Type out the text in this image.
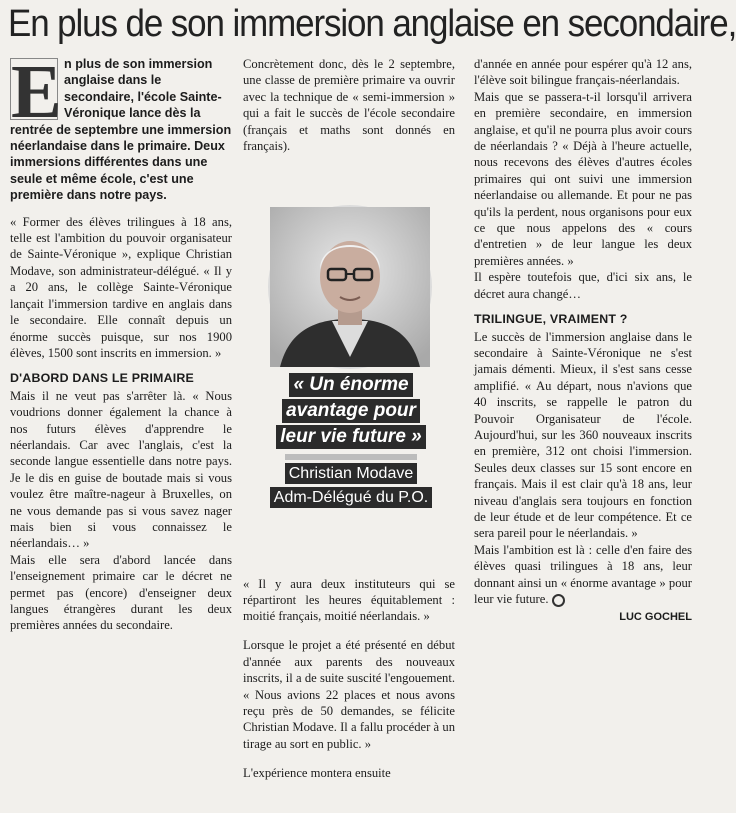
En plus de son immersion anglaise en secondaire,
E n plus de son immersion anglaise dans le secondaire, l'école Sainte-Véronique lance dès la rentrée de septembre une immersion néerlandaise dans le primaire. Deux immersions différentes dans une seule et même école, c'est une première dans notre pays.

« Former des élèves trilingues à 18 ans, telle est l'ambition du pouvoir organisateur de Sainte-Véronique », explique Christian Modave, son administrateur-délégué. « Il y a 20 ans, le collège Sainte-Véronique lançait l'immersion tardive en anglais dans le secondaire. Elle connaît depuis un énorme succès puisque, sur nos 1900 élèves, 1500 sont inscrits en immersion. »

D'ABORD DANS LE PRIMAIRE

Mais il ne veut pas s'arrêter là. « Nous voudrions donner également la chance à nos futurs élèves d'apprendre le néerlandais. Car avec l'anglais, c'est la seconde langue essentielle dans notre pays. Je le dis en guise de boutade mais si vous voulez être maître-nageur à Bruxelles, on ne vous demande pas si vous savez nager mais bien si vous connaissez le néerlandais… »

Mais elle sera d'abord lancée dans l'enseignement primaire car le décret ne permet pas (encore) d'enseigner deux langues étrangères durant les deux premières années du secondaire.

Concrètement donc, dès le 2 septembre, une classe de première primaire va ouvrir avec la technique de « semi-immersion » qui a fait le succès de l'école secondaire (français et maths sont donnés en français).

« Un énorme
avantage pour
leur vie future »
Christian Modave
Adm-Délégué du P.O.

« Il y aura deux instituteurs qui se répartiront les heures équitablement : moitié français, moitié néerlandais. »

Lorsque le projet a été présenté en début d'année aux parents des nouveaux inscrits, il a de suite suscité l'engouement. « Nous avions 22 places et nous avons reçu près de 50 demandes, se félicite Christian Modave. Il a fallu procéder à un tirage au sort en public. »

L'expérience montera ensuite

d'année en année pour espérer qu'à 12 ans, l'élève soit bilingue français-néerlandais.

Mais que se passera-t-il lorsqu'il arrivera en première secondaire, en immersion anglaise, et qu'il ne pourra plus avoir cours de néerlandais ? « Déjà à l'heure actuelle, nous recevons des élèves d'autres écoles primaires qui ont suivi une immersion néerlandaise ou allemande. Et pour ne pas qu'ils la perdent, nous organisons pour eux ce que nous appelons des « cours d'entretien » de leur langue les deux premières années. »

Il espère toutefois que, d'ici six ans, le décret aura changé…

TRILINGUE, VRAIMENT ?

Le succès de l'immersion anglaise dans le secondaire à Sainte-Véronique ne s'est jamais démenti. Mieux, il s'est sans cesse amplifié. « Au départ, nous n'avions que 40 inscrits, se rappelle le patron du Pouvoir Organisateur de l'école. Aujourd'hui, sur les 360 nouveaux inscrits en première, 312 ont choisi l'immersion. Seules deux classes sur 15 sont encore en français. Mais il est clair qu'à 18 ans, leur niveau d'anglais sera toujours en fonction de leur étude et de leur compétence. Et ce sera pareil pour le néerlandais. »

Mais l'ambition est là : celle d'en faire des élèves quasi trilingues à 18 ans, leur donnant ainsi un « énorme avantage » pour leur vie future.

LUC GOCHEL
